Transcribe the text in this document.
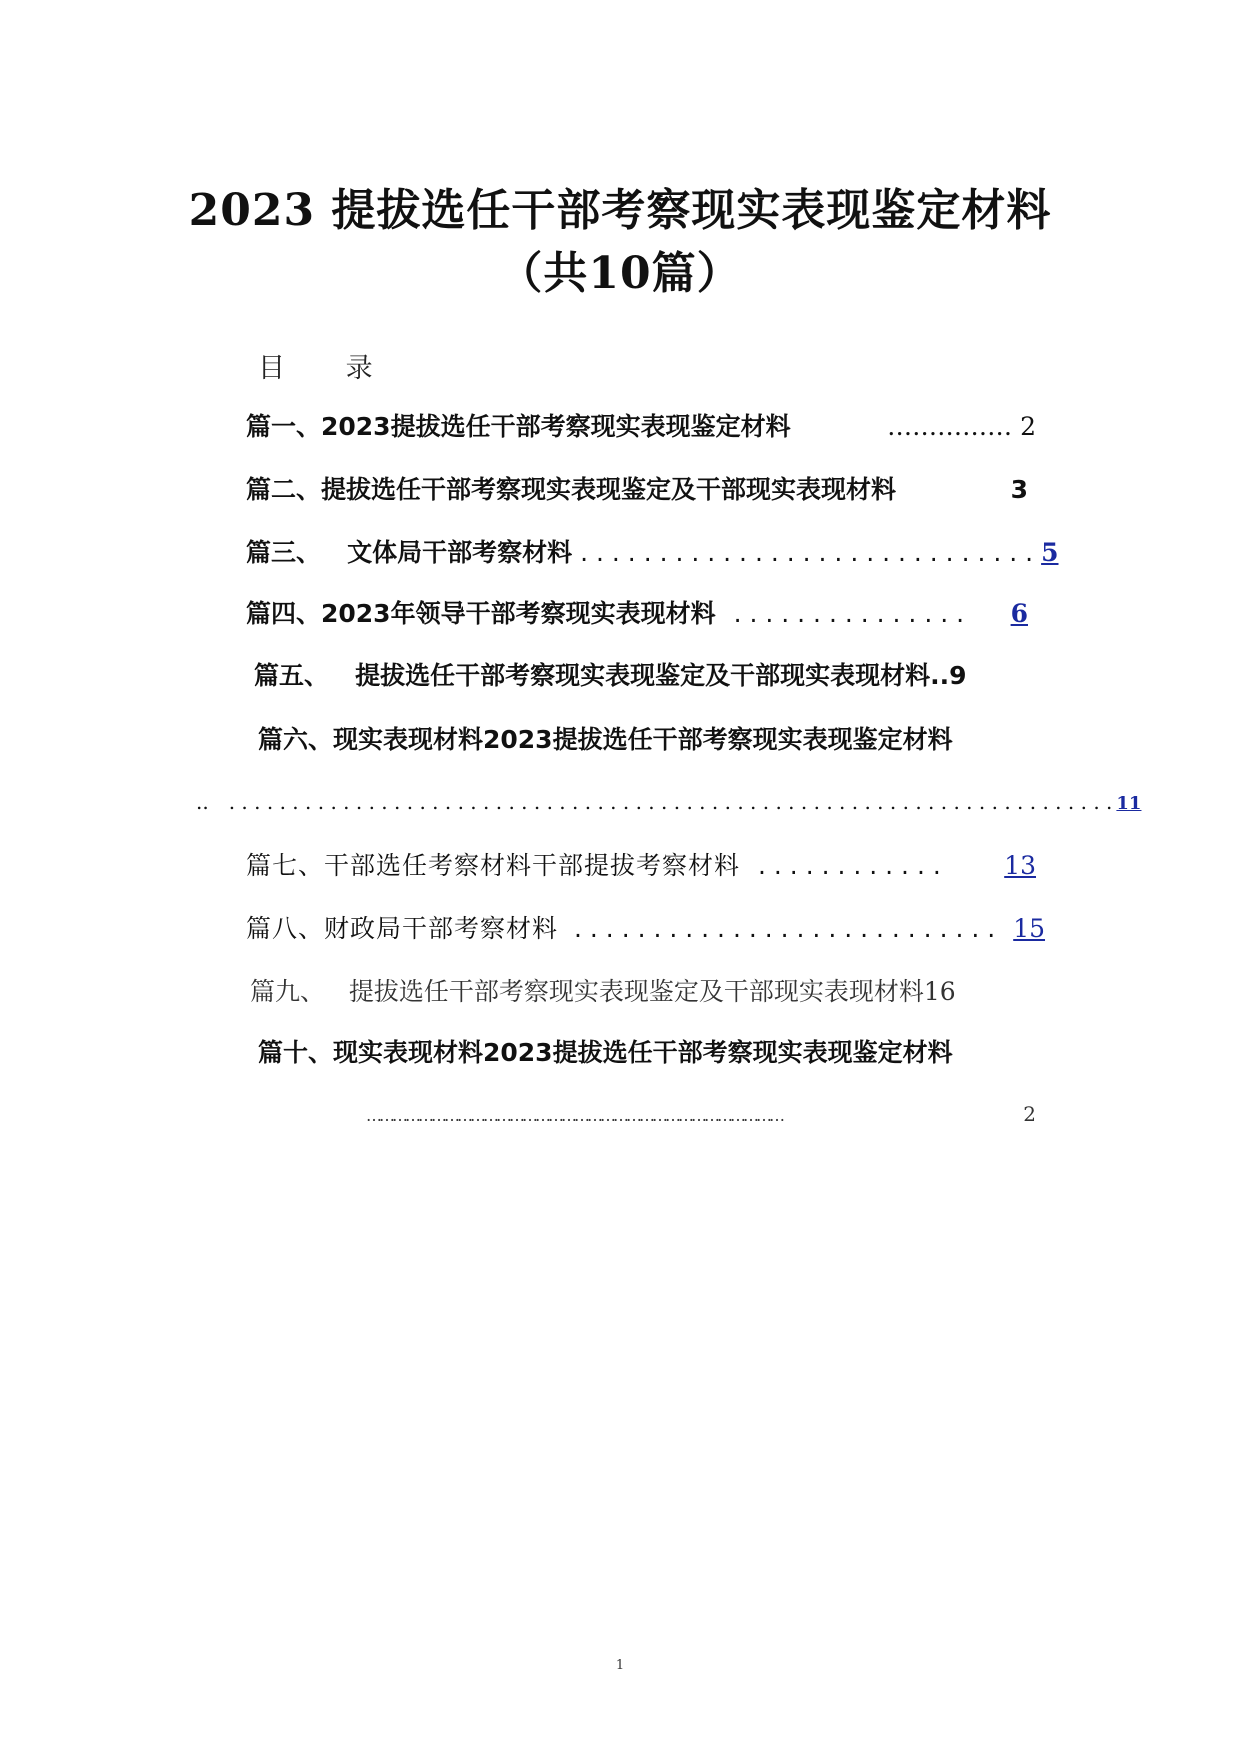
2023 提拔选任干部考察现实表现鉴定材料
（共10篇）
目 录
篇一、2023提拔选任干部考察现实表现鉴定材料	…………… 2
篇二、提拔选任干部考察现实表现鉴定及干部现实表现材料	3
篇三、   文体局干部考察材料 . . . . . . . . . . . . . . . . . . . . . . . . . . . . . 5
篇四、2023年领导干部考察现实表现材料 . . . . . . . . . . . . . . .	6
篇五、   提拔选任干部考察现实表现鉴定及干部现实表现材料 .. 9
篇六、现实表现材料2023提拔选任干部考察现实表现鉴定材料
.. . . . . . . . . . . . . . . . . . . . . . . . . . . . . . . . . . . . . . . . . . . . . . . . . . . . . . . . . . . . . . . . . . . . . . . 11
篇七、干部选任考察材料干部提拔考察材料 . . . . . . . . . . . .	13
篇八、财政局干部考察材料 . . . . . . . . . . . . . . . . . . . . . . . . . . . 15
篇九、   提拔选任干部考察现实表现鉴定及干部现实表现材料 16
篇十、现实表现材料2023提拔选任干部考察现实表现鉴定材料
……………………………………………………………………………………	2
1
